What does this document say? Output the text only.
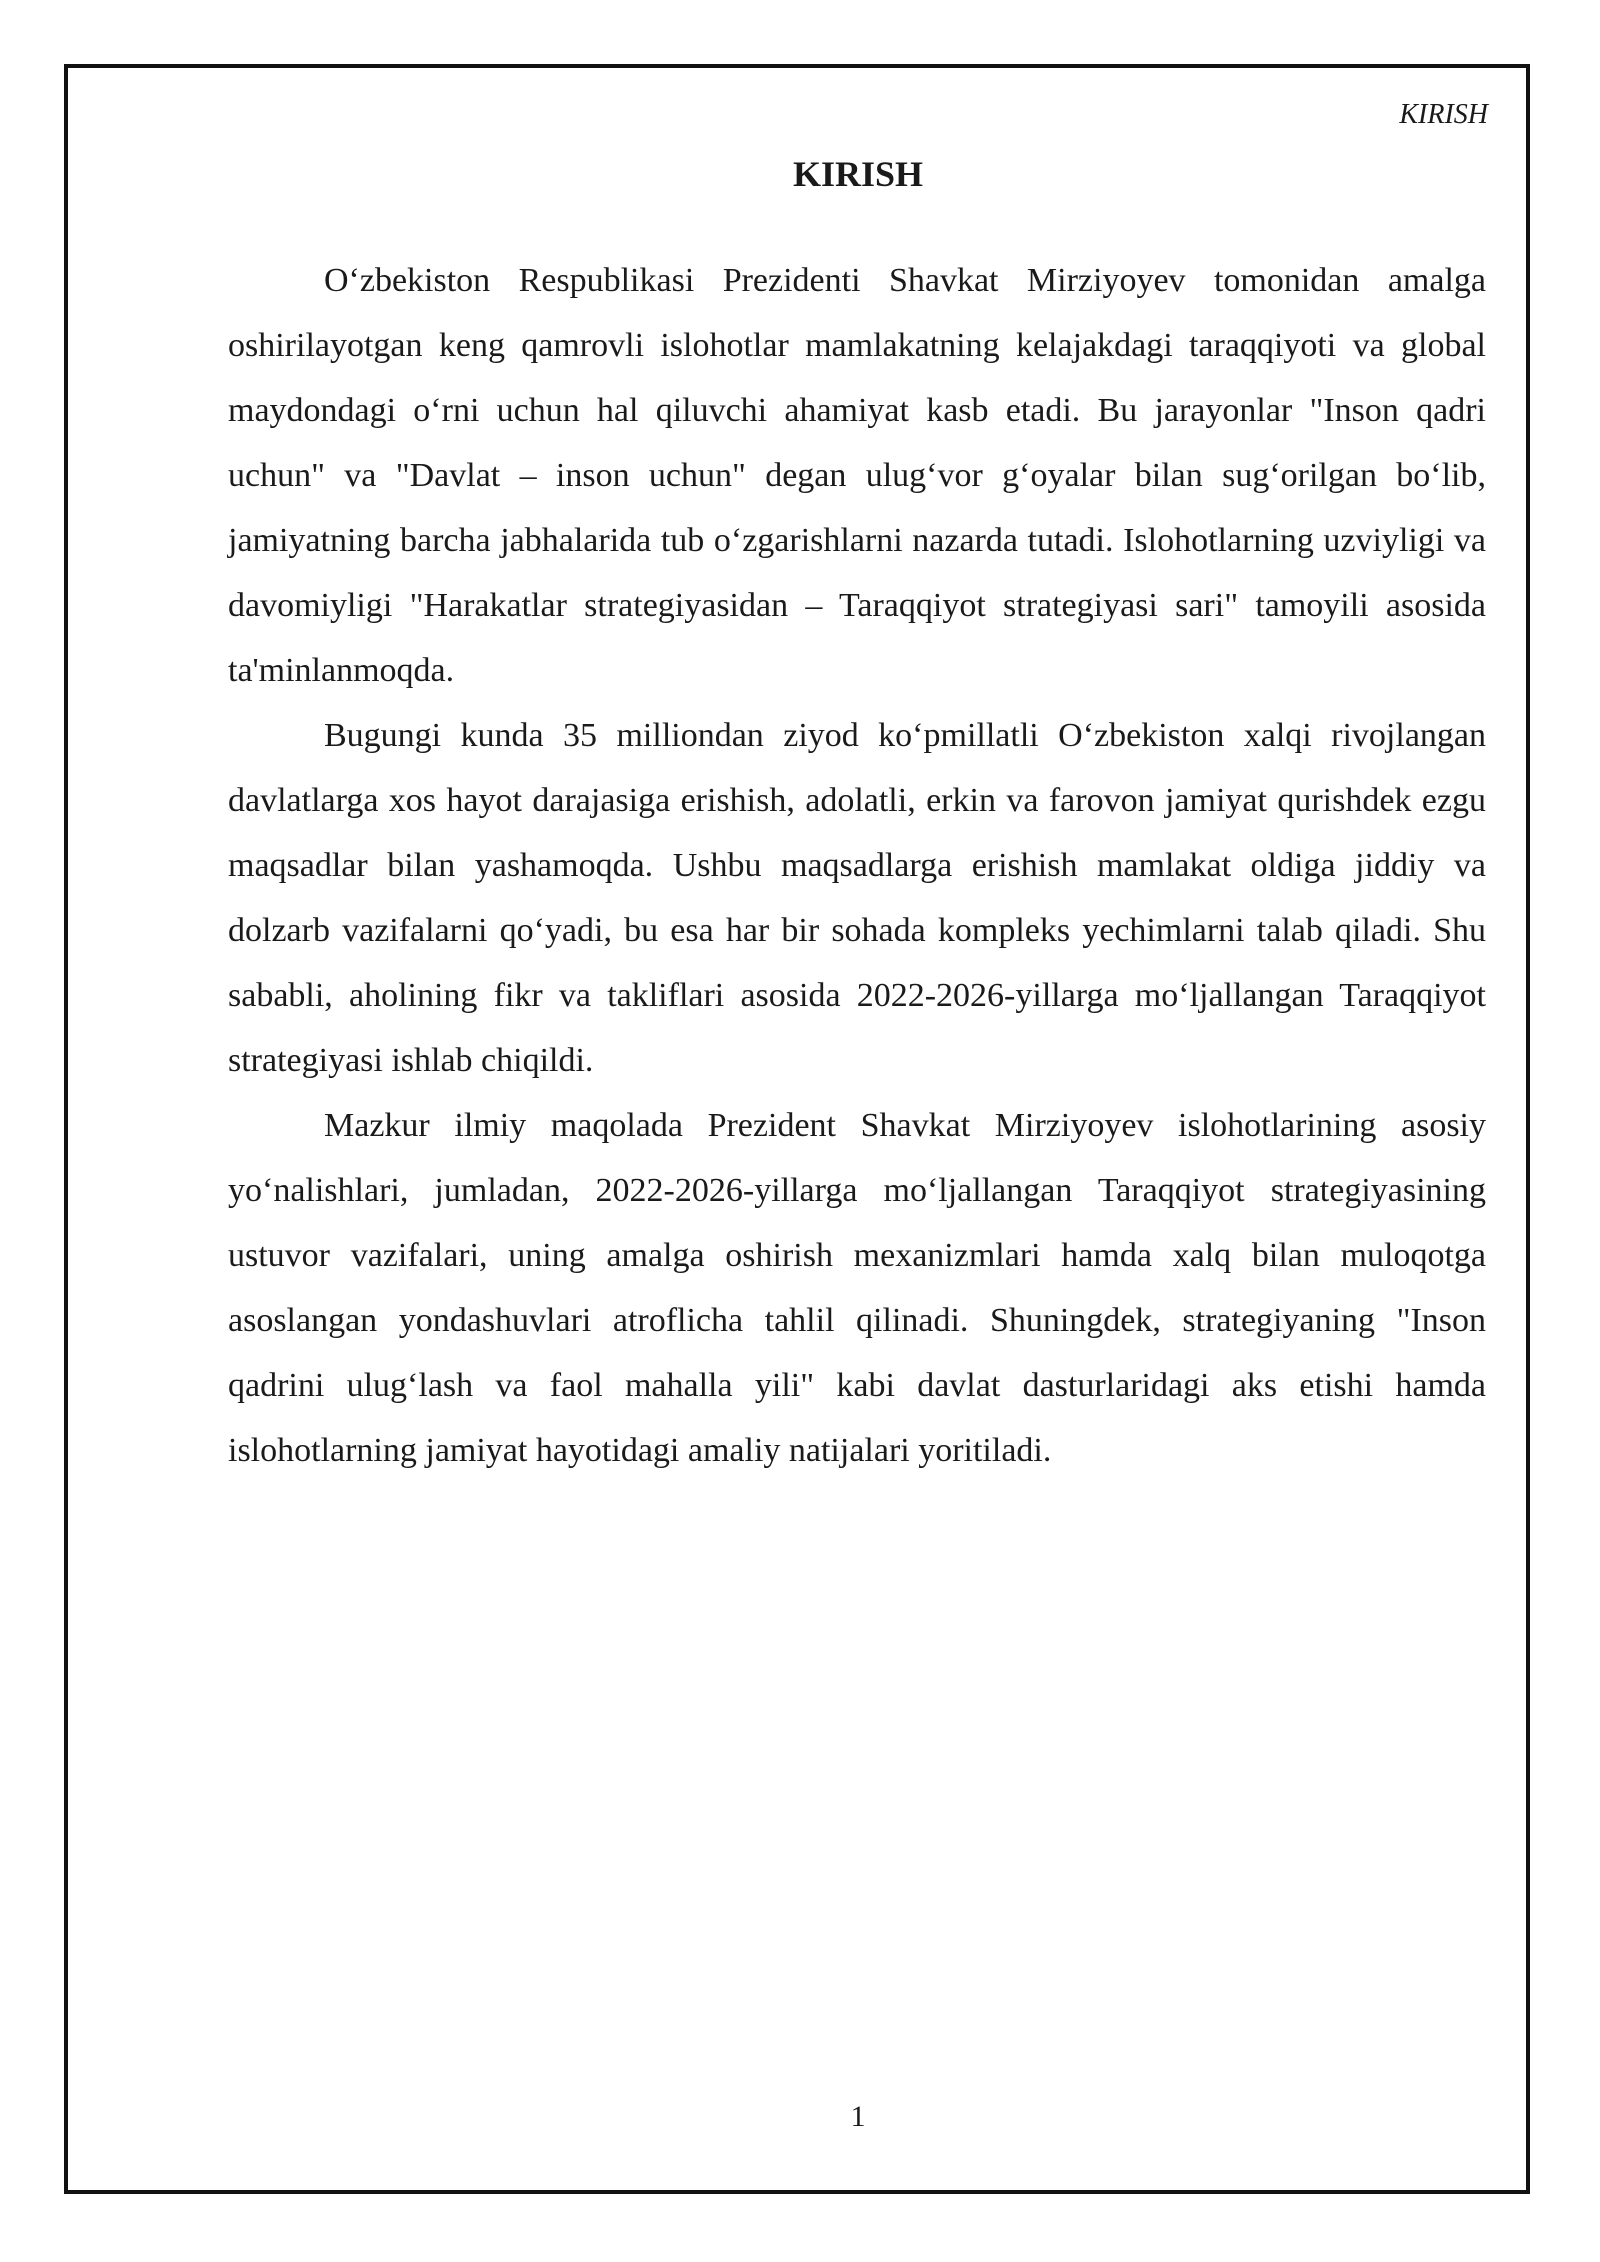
KIRISH
KIRISH

O‘zbekiston Respublikasi Prezidenti Shavkat Mirziyoyev tomonidan amalga oshirilayotgan keng qamrovli islohotlar mamlakatning kelajakdagi taraqqiyoti va global maydondagi o‘rni uchun hal qiluvchi ahamiyat kasb etadi. Bu jarayonlar "Inson qadri uchun" va "Davlat – inson uchun" degan ulug‘vor g‘oyalar bilan sug‘orilgan bo‘lib, jamiyatning barcha jabhalarida tub o‘zgarishlarni nazarda tutadi. Islohotlarning uzviyligi va davomiyligi "Harakatlar strategiyasidan – Taraqqiyot strategiyasi sari" tamoyili asosida ta'minlanmoqda.

Bugungi kunda 35 milliondan ziyod ko‘pmillatli O‘zbekiston xalqi rivojlangan davlatlarga xos hayot darajasiga erishish, adolatli, erkin va farovon jamiyat qurishdek ezgu maqsadlar bilan yashamoqda. Ushbu maqsadlarga erishish mamlakat oldiga jiddiy va dolzarb vazifalarni qo‘yadi, bu esa har bir sohada kompleks yechimlarni talab qiladi. Shu sababli, aholining fikr va takliflari asosida 2022-2026-yillarga mo‘ljallangan Taraqqiyot strategiyasi ishlab chiqildi.

Mazkur ilmiy maqolada Prezident Shavkat Mirziyoyev islohotlarining asosiy yo‘nalishlari, jumladan, 2022-2026-yillarga mo‘ljallangan Taraqqiyot strategiyasining ustuvor vazifalari, uning amalga oshirish mexanizmlari hamda xalq bilan muloqotga asoslangan yondashuvlari atroflicha tahlil qilinadi. Shuningdek, strategiyaning "Inson qadrini ulug‘lash va faol mahalla yili" kabi davlat dasturlaridagi aks etishi hamda islohotlarning jamiyat hayotidagi amaliy natijalari yoritiladi.

1
